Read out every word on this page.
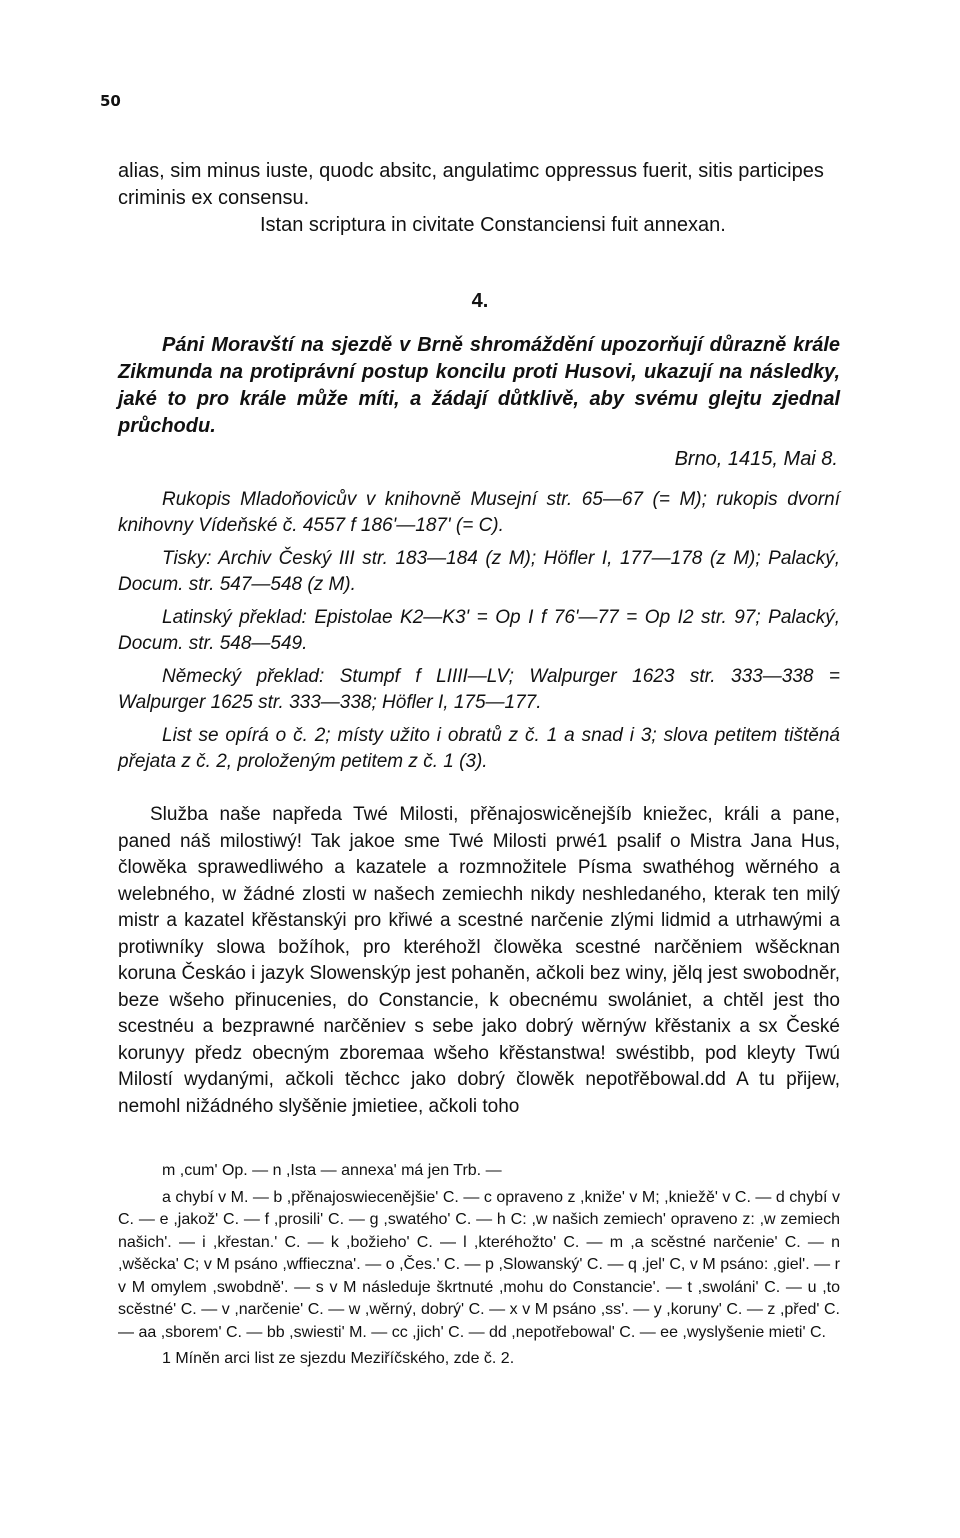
50

alias, sim minus iuste, quodc absitc, angulatimc oppressus fuerit, sitis participes criminis ex consensu.

Istan scriptura in civitate Constanciensi fuit annexan.

4.

Páni Moravští na sjezdě v Brně shromáždění upozorňují důrazně krále Zikmunda na protiprávní postup koncilu proti Husovi, ukazují na následky, jaké to pro krále může míti, a žádají důtklivě, aby svému glejtu zjednal průchodu.

Brno, 1415, Mai 8.

Rukopis Mladoňovicův v knihovně Musejní str. 65—67 (= M); rukopis dvorní knihovny Vídeňské č. 4557 f 186'—187' (= C).

Tisky: Archiv Český III str. 183—184 (z M); Höfler I, 177—178 (z M); Palacký, Docum. str. 547—548 (z M).

Latinský překlad: Epistolae K2—K3' = Op I f 76'—77 = Op I2 str. 97; Palacký, Docum. str. 548—549.

Německý překlad: Stumpf f LIIII—LV; Walpurger 1623 str. 333—338 = Walpurger 1625 str. 333—338; Höfler I, 175—177.

List se opírá o č. 2; místy užito i obratů z č. 1 a snad i 3; slova petitem tištěná přejata z č. 2, proloženým petitem z č. 1 (3).

Služba naše napředa Twé Milosti, přěnajoswicěnejšíb kniežec, králi a pane, paned náš milostiwý! Tak jakoe sme Twé Milosti prwé1 psalif o Mistra Jana Hus, člowěka sprawedliwého a kazatele a rozmnožitele Písma swathéhog wěrného a welebného, w žádné zlosti w našech zemiechh nikdy neshledaného, kterak ten milý mistr a kazatel křěstanskýi pro křiwé a scestné narčenie zlými lidmid a utrhawými a protiwníky slowa božíhok, pro kteréhožl člowěka scestné narčěniem wšěcknan koruna Českáo i jazyk Slowenskýp jest pohaněn, ačkoli bez winy, jělq jest swobodněr, beze wšeho přinucenies, do Constancie, k obecnému swolániet, a chtěl jest tho scestnéu a bezprawné narčěniev s sebe jako dobrý wěrnýw křěstanix a sx České korunyy předz obecným zboremaa wšeho křěstanstwa! swéstibb, pod kleyty Twú Milostí wydanými, ačkoli těchcc jako dobrý člowěk nepotřěbowal.dd A tu přijew, nemohl nižádného slyšěnie jmietiee, ačkoli toho

m ,cum' Op. — n ,Ista — annexa' má jen Trb. —

a chybí v M. — b ,přěnajoswiecenějšie' C. — c opraveno z ,kniže' v M; ,kniežě' v C. — d chybí v C. — e ,jakož' C. — f ,prosili' C. — g ,swatého' C. — h C: ,w našich zemiech' opraveno z: ,w zemiech našich'. — i ,křestan.' C. — k ,božieho' C. — l ,kteréhožto' C. — m ,a scěstné narčenie' C. — n ,wšěcka' C; v M psáno ,wffieczna'. — o ,Čes.' C. — p ,Slowanský' C. — q ,jel' C, v M psáno: ,giel'. — r v M omylem ,swobdně'. — s v M následuje škrtnuté ,mohu do Constancie'. — t ,swoláni' C. — u ,to scěstné' C. — v ,narčenie' C. — w ,wěrný, dobrý' C. — x v M psáno ,ss'. — y ,koruny' C. — z ,před' C. — aa ,sborem' C. — bb ,swiesti' M. — cc ,jich' C. — dd ,nepotřebowal' C. — ee ,wyslyšenie mieti' C.

1 Míněn arci list ze sjezdu Meziříčského, zde č. 2.
